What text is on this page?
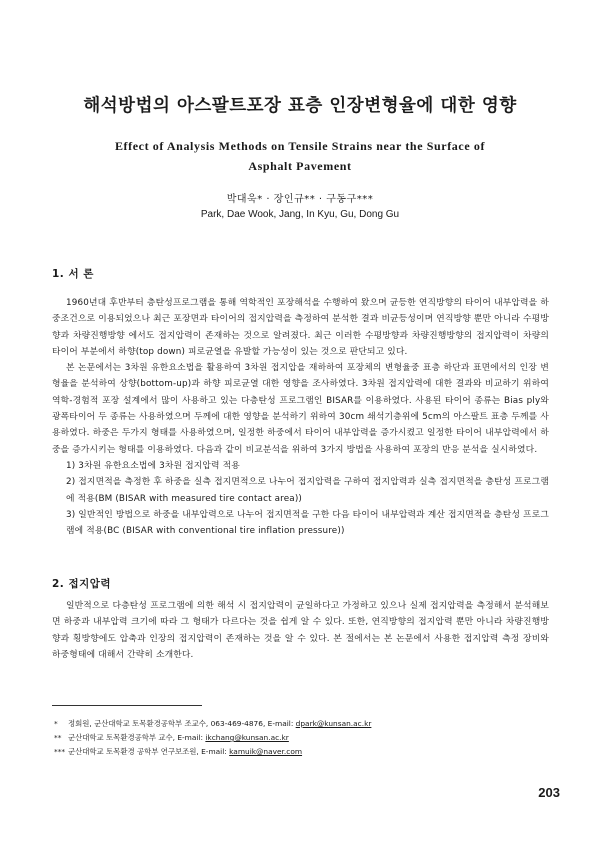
해석방법의 아스팔트포장 표층 인장변형율에 대한 영향
Effect of Analysis Methods on Tensile Strains near the Surface of
Asphalt Pavement
박대욱* · 장인규** · 구동구***
Park, Dae Wook, Jang, In Kyu, Gu, Dong Gu
1. 서 론

1960년대 후반부터 층탄성프로그램을 통해 역학적인 포장해석을 수행하여 왔으며 균등한 연직방향의 타이어 내부압력을 하중조건으로 이용되었으나 최근 포장면과 타이어의 접지압력을 측정하여 분석한 결과 비균등성이며 연직방향 뿐만 아니라 수평방향과 차량진행방향 에서도 접지압력이 존재하는 것으로 알려졌다. 최근 이러한 수평방향과 차량진행방향의 접지압력이 차량의 타이어 부분에서 하향(top down) 피로균열을 유발할 가능성이 있는 것으로 판단되고 있다.

본 논문에서는 3차원 유한요소법을 활용하여 3차원 접지압을 재하하여 포장체의 변형율중 표층 하단과 표면에서의 인장 변형율을 분석하여 상향(bottom-up)과 하향 피로균열 대한 영향을 조사하였다. 3차원 접지압력에 대한 결과와 비교하기 위하여 역학-경험적 포장 설계에서 많이 사용하고 있는 다층탄성 프로그램인 BISAR를 이용하였다. 사용된 타이어 종류는 Bias ply와 광폭타이어 두 종류는 사용하였으며 두께에 대한 영향을 분석하기 위하여 30cm 쇄석기층위에 5cm의 아스팔트 표층 두께를 사용하였다. 하중은 두가지 형태를 사용하였으며, 일정한 하중에서 타이어 내부압력을 증가시켰고 일정한 타이어 내부압력에서 하중을 증가시키는 형태를 이용하였다. 다음과 같이 비교분석을 위하여 3가지 방법을 사용하여 포장의 반응 분석을 실시하였다.

1) 3차원 유한요소법에 3차원 접지압력 적용

2) 접지면적을 측정한 후 하중을 실측 접지면적으로 나누어 접지압력을 구하여 접지압력과 실측 접지면적을 층탄성 프로그램에 적용(BM (BISAR with measured tire contact area))

3) 일반적인 방법으로 하중을 내부압력으로 나누어 접지면적을 구한 다음 타이어 내부압력과 계산 접지면적을 층탄성 프로그램에 적용(BC (BISAR with conventional tire inflation pressure))

2. 접지압력

일반적으로 다층탄성 프로그램에 의한 해석 시 접지압력이 균일하다고 가정하고 있으나 실제 접지압력을 측정해서 분석해보면 하중과 내부압력 크기에 따라 그 형태가 다르다는 것을 쉽게 알 수 있다. 또한, 연직방향의 접지압력 뿐만 아니라 차량진행방향과 횡방향에도 압축과 인장의 접지압력이 존재하는 것을 알 수 있다. 본 절에서는 본 논문에서 사용한 접지압력 측정 장비와 하중형태에 대해서 간략히 소개한다.

* 정회원, 군산대학교 토목환경공학부 조교수, 063-469-4876, E-mail: dpark@kunsan.ac.kr
** 군산대학교 토목환경공학부 교수, E-mail: ikchang@kunsan.ac.kr
*** 군산대학교 토목환경 공학부 연구보조원, E-mail: kamuik@naver.com
203
